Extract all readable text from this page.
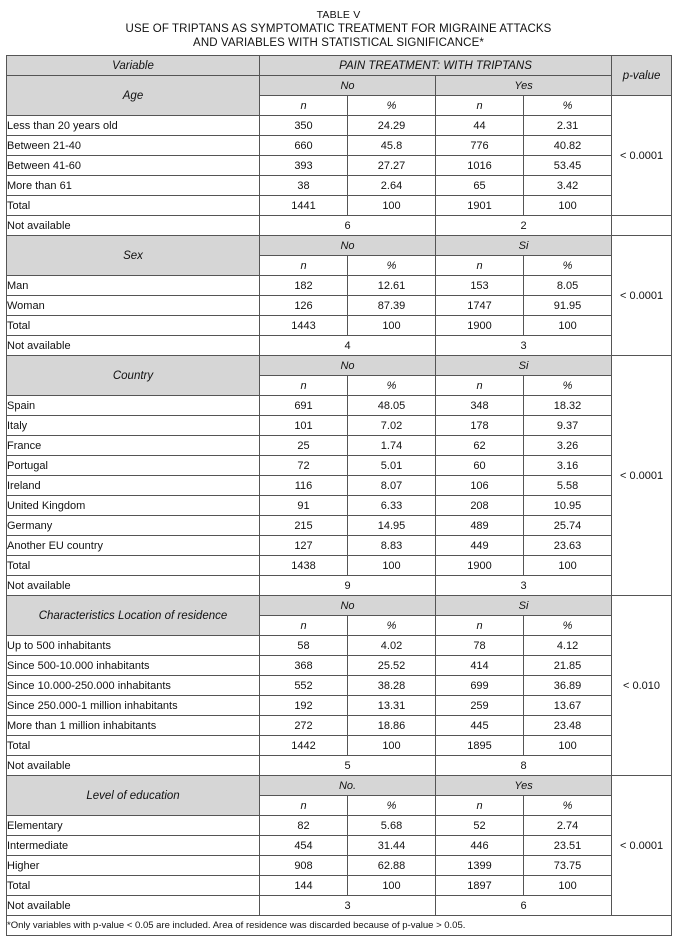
TABLE V
USE OF TRIPTANS AS SYMPTOMATIC TREATMENT FOR MIGRAINE ATTACKS
AND VARIABLES WITH STATISTICAL SIGNIFICANCE*
Variable	PAIN TREATMENT: WITH TRIPTANS				p-value
Age	No		Yes		
	n	%	n	%	< 0.0001
Less than 20 years old	350	24.29	44	2.31	
Between 21-40	660	45.8	776	40.82	
Between 41-60	393	27.27	1016	53.45	
More than 61	38	2.64	65	3.42	
Total	1441	100	1901	100	
Not available	6		2		
Sex	No		Si		< 0.0001
	n	%	n	%	
Man	182	12.61	153	8.05	
Woman	126	87.39	1747	91.95	
Total	1443	100	1900	100	
Not available	4		3		
Country	No		Si		< 0.0001
	n	%	n	%	
Spain	691	48.05	348	18.32	
Italy	101	7.02	178	9.37	
France	25	1.74	62	3.26	
Portugal	72	5.01	60	3.16	
Ireland	116	8.07	106	5.58	
United Kingdom	91	6.33	208	10.95	
Germany	215	14.95	489	25.74	
Another EU country	127	8.83	449	23.63	
Total	1438	100	1900	100	
Not available	9		3		
Characteristics Location of residence	No		Si		< 0.010
	n	%	n	%	
Up to 500 inhabitants	58	4.02	78	4.12	
Since 500-10.000 inhabitants	368	25.52	414	21.85	
Since 10.000-250.000 inhabitants	552	38.28	699	36.89	
Since 250.000-1 million inhabitants	192	13.31	259	13.67	
More than 1 million inhabitants	272	18.86	445	23.48	
Total	1442	100	1895	100	
Not available	5		8		
Level of education	No.		Yes		< 0.0001
	n	%	n	%	
Elementary	82	5.68	52	2.74	
Intermediate	454	31.44	446	23.51	
Higher	908	62.88	1399	73.75	
Total	144	100	1897	100	
Not available	3		6		
*Only variables with p-value < 0.05 are included. Area of residence was discarded because of p-value > 0.05.					
